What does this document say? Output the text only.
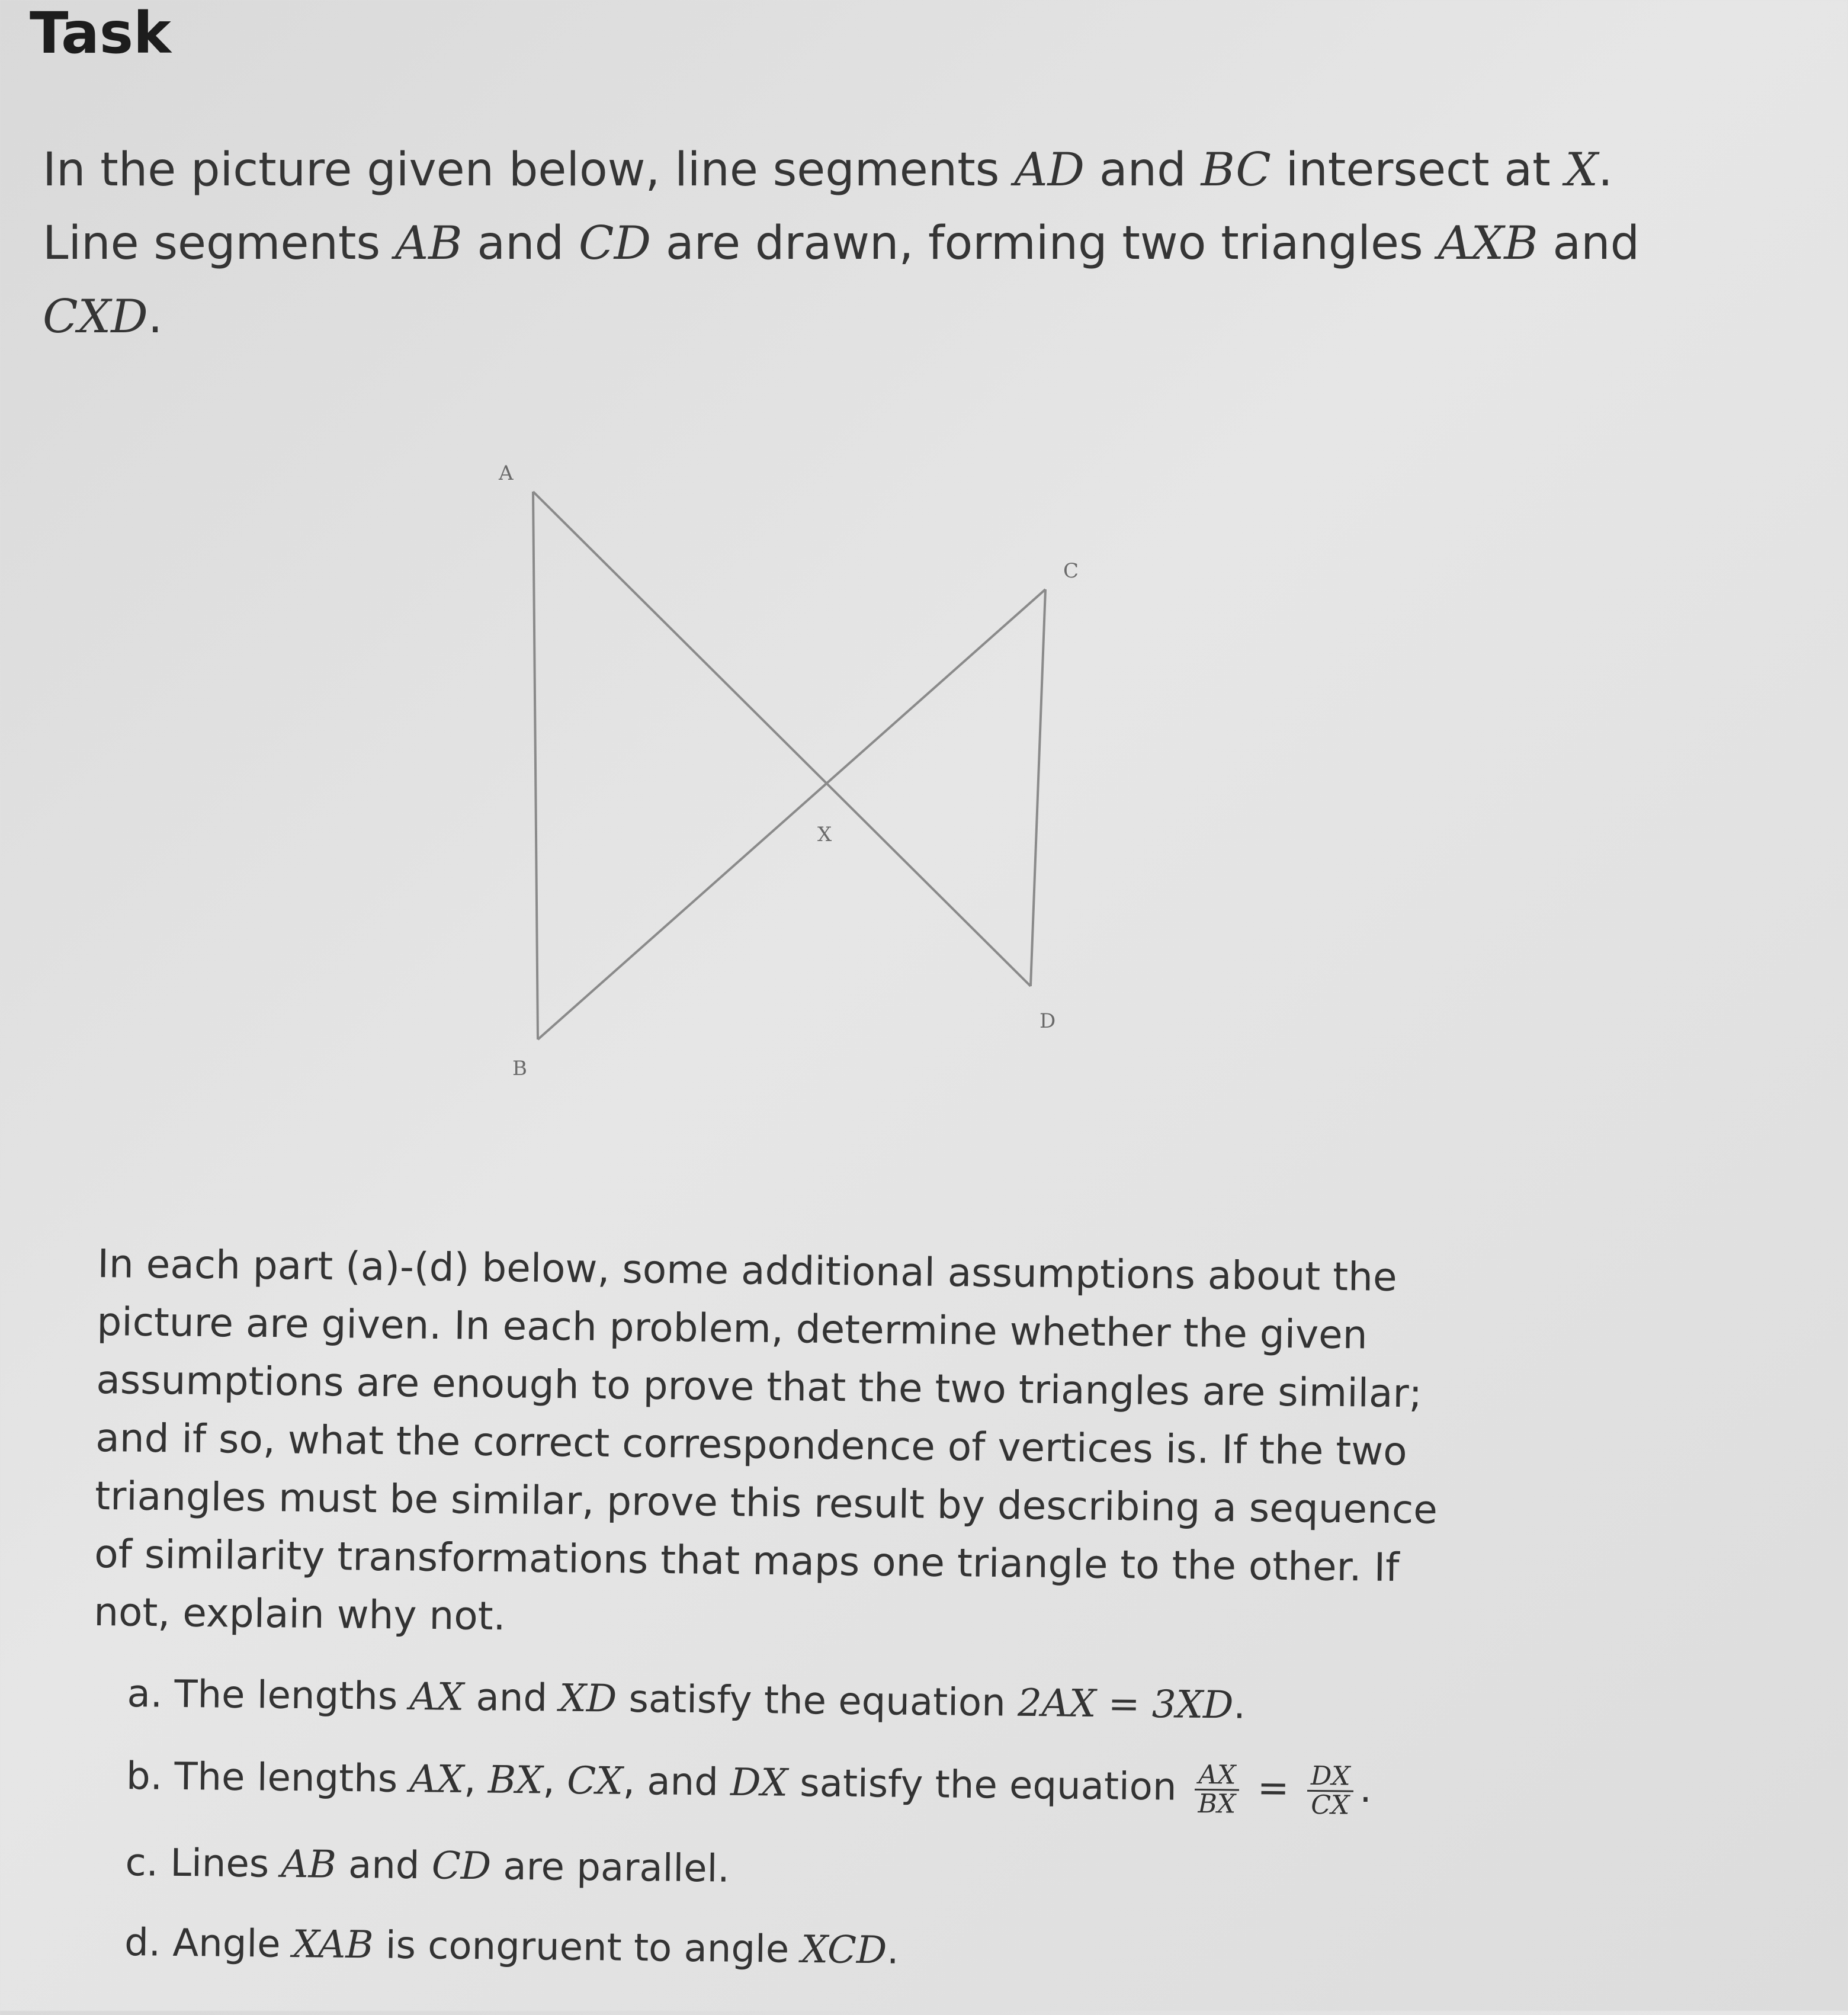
Task
In the picture given below, line segments AD and BC intersect at X. Line segments AB and CD are drawn, forming two triangles AXB and CXD.
A
C
X
D
B
In each part (a)-(d) below, some additional assumptions about the picture are given. In each problem, determine whether the given assumptions are enough to prove that the two triangles are similar; and if so, what the correct correspondence of vertices is. If the two triangles must be similar, prove this result by describing a sequence of similarity transformations that maps one triangle to the other. If not, explain why not.
a. The lengths AX and XD satisfy the equation 2AX = 3XD.
b. The lengths AX, BX, CX, and DX satisfy the equation $\frac{AX}{BX} = \frac{DX}{CX}$ .
c. Lines AB and CD are parallel.
d. Angle XAB is congruent to angle XCD.
